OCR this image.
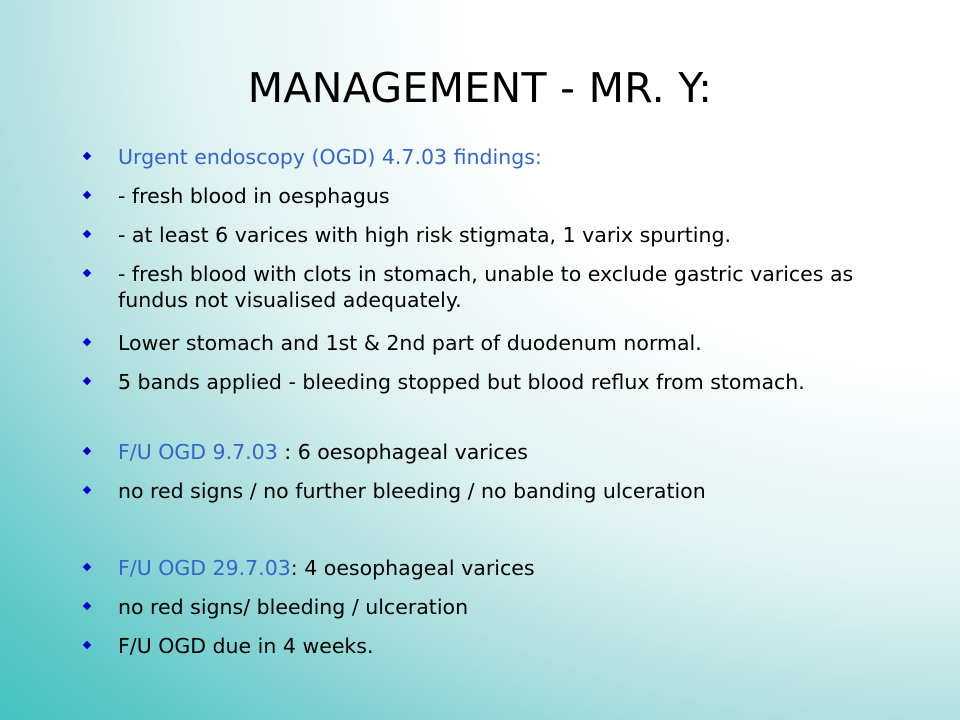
MANAGEMENT - MR. Y:
Urgent endoscopy (OGD) 4.7.03 findings:
- fresh blood in oesphagus
- at least 6 varices with high risk stigmata, 1 varix spurting.
- fresh blood with clots in stomach, unable to exclude gastric varices as fundus not visualised adequately.
Lower stomach and 1st & 2nd part of duodenum normal.
5 bands applied - bleeding stopped but blood reflux from stomach.
F/U OGD 9.7.03 : 6 oesophageal varices
no red signs / no further bleeding / no banding ulceration
F/U OGD 29.7.03: 4 oesophageal varices
no red signs/ bleeding / ulceration
F/U OGD due in 4 weeks.
